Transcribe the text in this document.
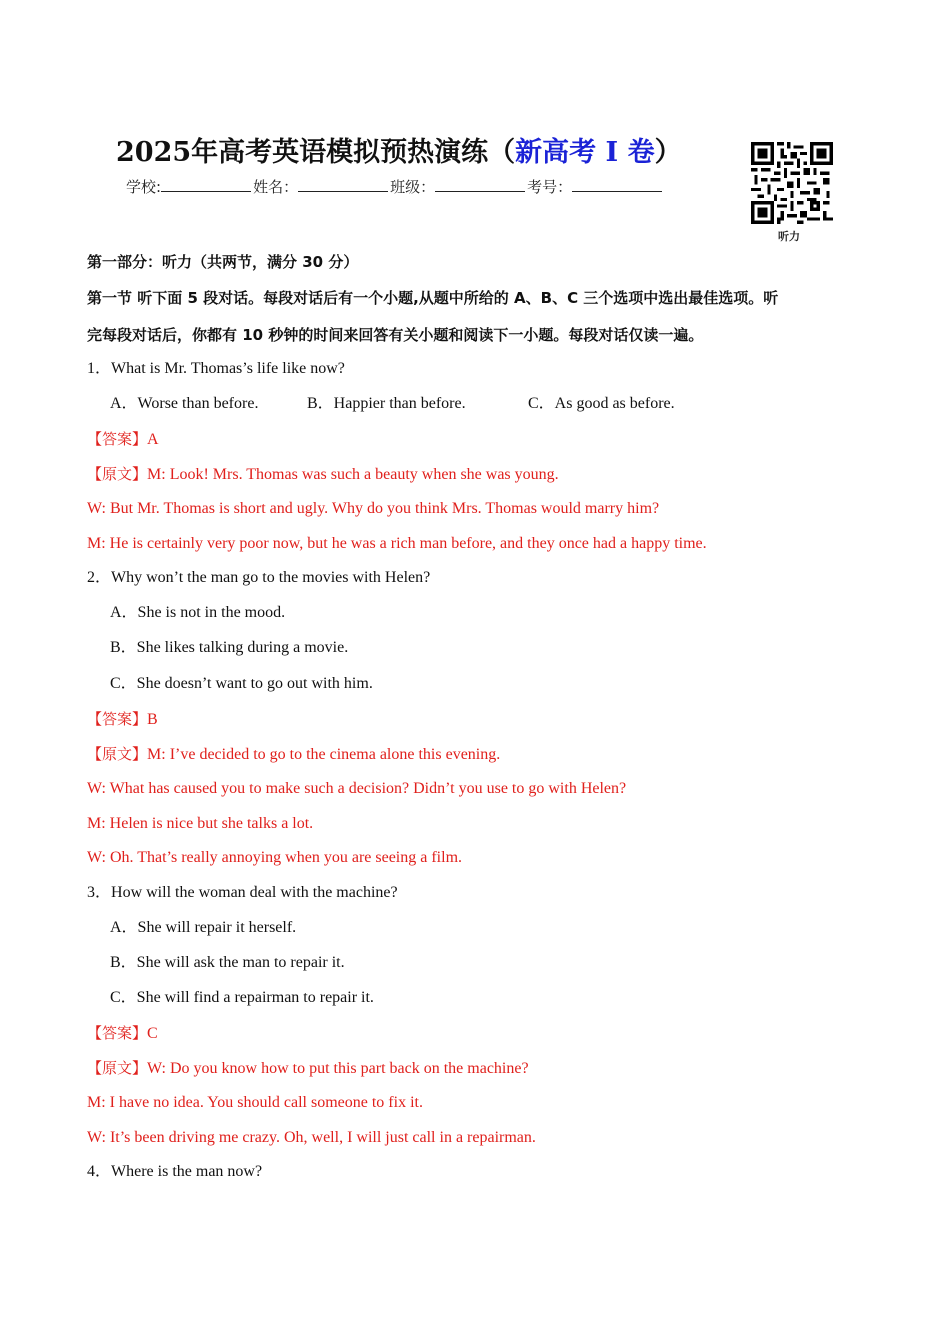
2025年高考英语模拟预热演练（新高考 I 卷）
学校:	姓名：	班级：	考号：
听力
第一部分：听力（共两节，满分 30 分）
第一节 听下面 5 段对话。每段对话后有一个小题,从题中所给的 A、B、C 三个选项中选出最佳选项。听
完每段对话后，你都有 10 秒钟的时间来回答有关小题和阅读下一小题。每段对话仅读一遍。
1．What is Mr. Thomas’s life like now?
A．Worse than before.	B．Happier than before.	C．As good as before.
【答案】A
【原文】M: Look! Mrs. Thomas was such a beauty when she was young.
W: But Mr. Thomas is short and ugly. Why do you think Mrs. Thomas would marry him?
M: He is certainly very poor now, but he was a rich man before, and they once had a happy time.
2．Why won’t the man go to the movies with Helen?
A．She is not in the mood.
B．She likes talking during a movie.
C．She doesn’t want to go out with him.
【答案】B
【原文】M: I’ve decided to go to the cinema alone this evening.
W: What has caused you to make such a decision? Didn’t you use to go with Helen?
M: Helen is nice but she talks a lot.
W: Oh. That’s really annoying when you are seeing a film.
3．How will the woman deal with the machine?
A．She will repair it herself.
B．She will ask the man to repair it.
C．She will find a repairman to repair it.
【答案】C
【原文】W: Do you know how to put this part back on the machine?
M: I have no idea. You should call someone to fix it.
W: It’s been driving me crazy. Oh, well, I will just call in a repairman.
4．Where is the man now?
